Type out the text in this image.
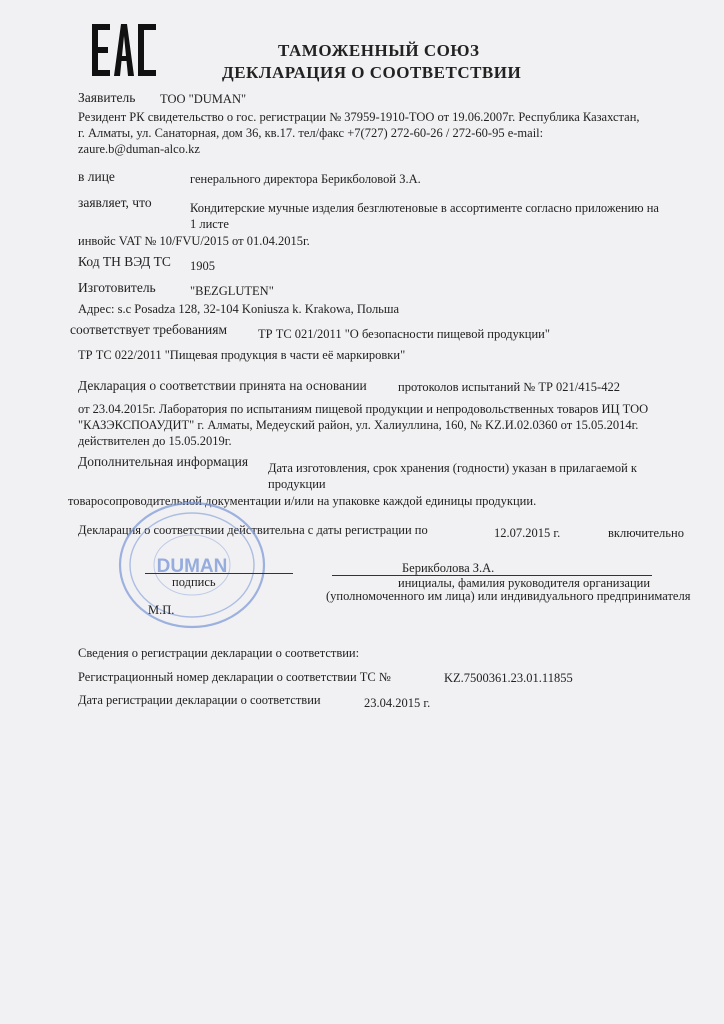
ТАМОЖЕННЫЙ СОЮЗ
ДЕКЛАРАЦИЯ О СООТВЕТСТВИИ
Заявитель ТОО "DUMAN"
Резидент РК свидетельство о гос. регистрации № 37959-1910-ТОО от 19.06.2007г. Республика Казахстан,
г. Алматы, ул. Санаторная, дом 36, кв.17. тел/факс +7(727) 272-60-26 / 272-60-95 e-mail:
zaure.b@duman-alco.kz
в лице	генерального директора Берикболовой З.А.
заявляет, что	Кондитерские мучные изделия безглютеновые в ассортименте согласно приложению на
1 листе
инвойс VAT № 10/FVU/2015 от 01.04.2015г.
Код ТН ВЭД ТС 1905
Изготовитель	"BEZGLUTEN"
Адрес: s.c Posadza 128, 32-104 Koniusza k. Krakowa, Польша
соответствует требованиям ТР ТС 021/2011 "О безопасности пищевой продукции"
ТР ТС 022/2011 "Пищевая продукция в части её маркировки"
Декларация о соответствии принята на основании протоколов испытаний № ТР 021/415-422
от 23.04.2015г. Лаборатория по испытаниям пищевой продукции и непродовольственных товаров ИЦ ТОО
"КАЗЭКСПОАУДИТ" г. Алматы, Медеуский район, ул. Халиуллина, 160, № KZ.И.02.0360 от 15.05.2014г.
действителен до 15.05.2019г.
Дополнительная информация Дата изготовления, срок хранения (годности) указан в прилагаемой к
продукции
товаросопроводительной документации и/или на упаковке каждой единицы продукции.
Декларация о соответствии действительна с даты регистрации по	12.07.2015 г.	включительно
DUMAN
подпись
Берикболова З.А.
инициалы, фамилия руководителя организации
(уполномоченного им лица) или индивидуального предпринимателя
М.П.
Сведения о регистрации декларации о соответствии:
Регистрационный номер декларации о соответствии ТС №	KZ.7500361.23.01.11855
Дата регистрации декларации о соответствии	23.04.2015 г.
